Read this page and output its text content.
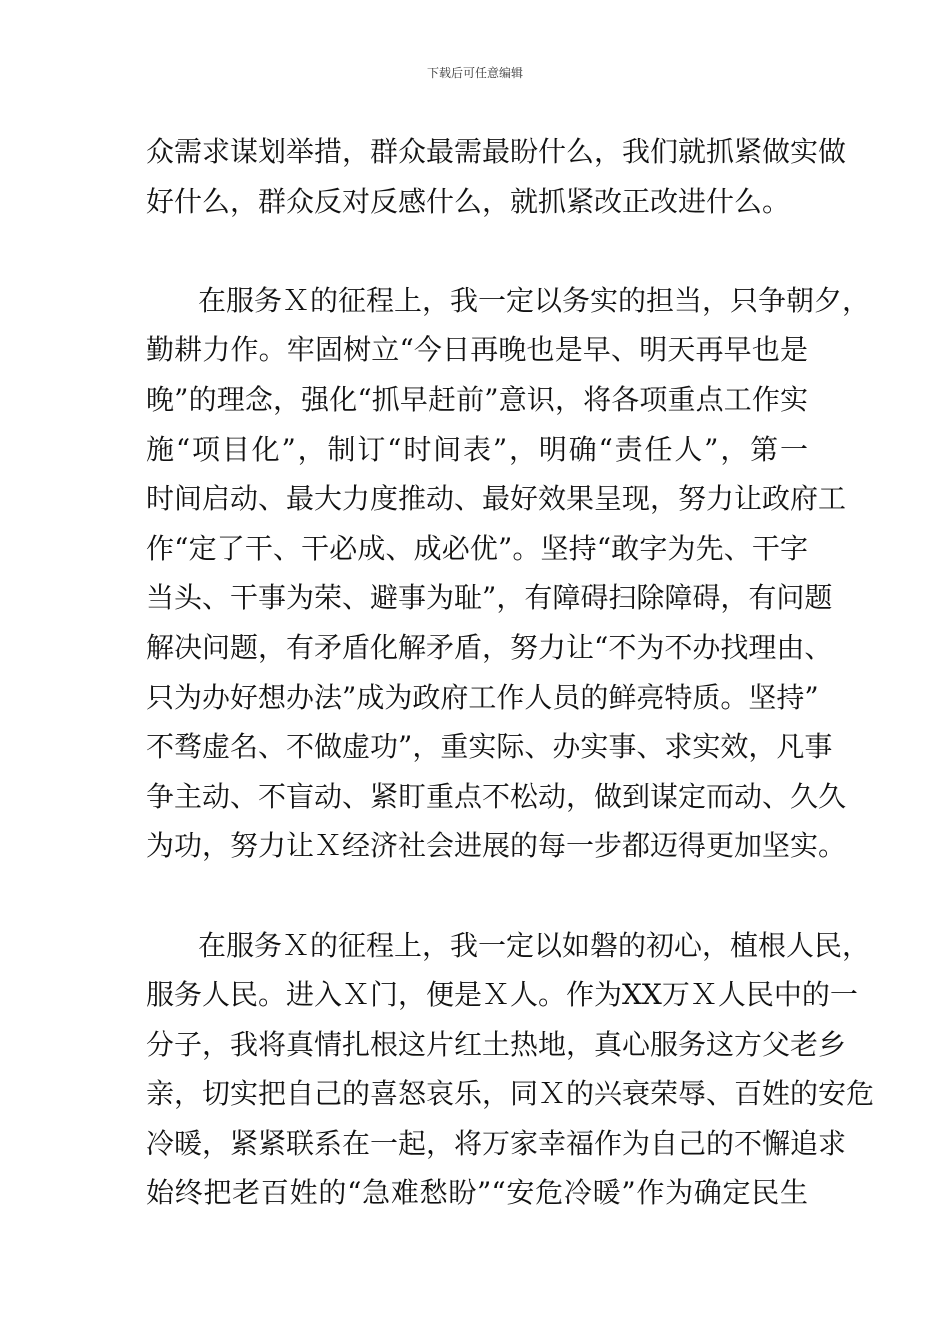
下载后可任意编辑
众需求谋划举措，群众最需最盼什么，我们就抓紧做实做
好什么，群众反对反感什么，就抓紧改正改进什么。
在服务Ｘ的征程上，我一定以务实的担当，只争朝夕，
勤耕力作。牢固树立“今日再晚也是早、明天再早也是
晚”的理念，强化“抓早赶前”意识，将各项重点工作实
施“项目化”，制订“时间表”，明确“责任人”，第一
时间启动、最大力度推动、最好效果呈现，努力让政府工
作“定了干、干必成、成必优”。坚持“敢字为先、干字
当头、干事为荣、避事为耻”，有障碍扫除障碍，有问题
解决问题，有矛盾化解矛盾，努力让“不为不办找理由、
只为办好想办法”成为政府工作人员的鲜亮特质。坚持”
不骛虚名、不做虚功”，重实际、办实事、求实效，凡事
争主动、不盲动、紧盯重点不松动，做到谋定而动、久久
为功，努力让Ｘ经济社会进展的每一步都迈得更加坚实。
在服务Ｘ的征程上，我一定以如磐的初心，植根人民，
服务人民。进入Ｘ门，便是Ｘ人。作为XX万Ｘ人民中的一
分子，我将真情扎根这片红土热地，真心服务这方父老乡
亲，切实把自己的喜怒哀乐，同Ｘ的兴衰荣辱、百姓的安危
冷暖，紧紧联系在一起，将万家幸福作为自己的不懈追求
始终把老百姓的“急难愁盼”“安危冷暖”作为确定民生
